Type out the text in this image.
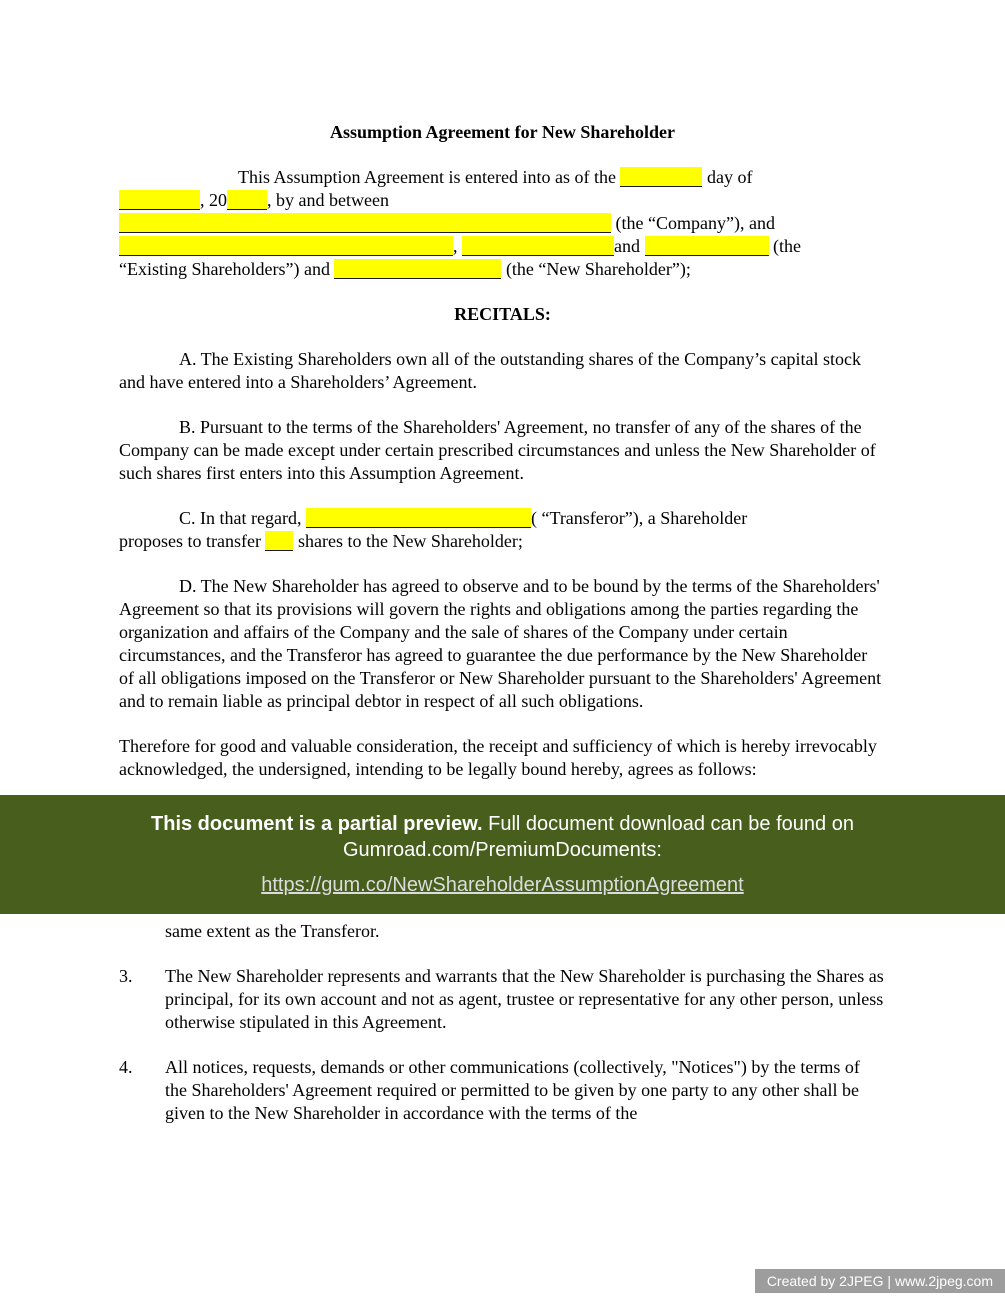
Assumption Agreement for New Shareholder

This Assumption Agreement is entered into as of the	day of
, 20 , by and between
(the “Company”), and
,	and	(the
“Existing Shareholders”) and	(the “New Shareholder”);

RECITALS:

A. The Existing Shareholders own all of the outstanding shares of the Company’s capital stock and have entered into a Shareholders’ Agreement.

B. Pursuant to the terms of the Shareholders' Agreement, no transfer of any of the shares of the Company can be made except under certain prescribed circumstances and unless the New Shareholder of such shares first enters into this Assumption Agreement.

C. In that regard,	( “Transferor”), a Shareholder
proposes to transfer  shares to the New Shareholder;

D. The New Shareholder has agreed to observe and to be bound by the terms of the Shareholders' Agreement so that its provisions will govern the rights and obligations among the parties regarding the organization and affairs of the Company and the sale of shares of the Company under certain circumstances, and the Transferor has agreed to guarantee the due performance by the New Shareholder of all obligations imposed on the Transferor or New Shareholder pursuant to the Shareholders' Agreement and to remain liable as principal debtor in respect of all such obligations.

Therefore for good and valuable consideration, the receipt and sufficiency of which is hereby irrevocably acknowledged, the undersigned, intending to be legally bound hereby, agrees as follows:

This document is a partial preview. Full document download can be found on
Gumroad.com/PremiumDocuments:
https://gum.co/NewShareholderAssumptionAgreement

same extent as the Transferor.

3.	The New Shareholder represents and warrants that the New Shareholder is purchasing the Shares as principal, for its own account and not as agent, trustee or representative for any other person, unless otherwise stipulated in this Agreement.
4.	All notices, requests, demands or other communications (collectively, "Notices") by the terms of the Shareholders' Agreement required or permitted to be given by one party to any other shall be given to the New Shareholder in accordance with the terms of the
Created by 2JPEG | www.2jpeg.com
